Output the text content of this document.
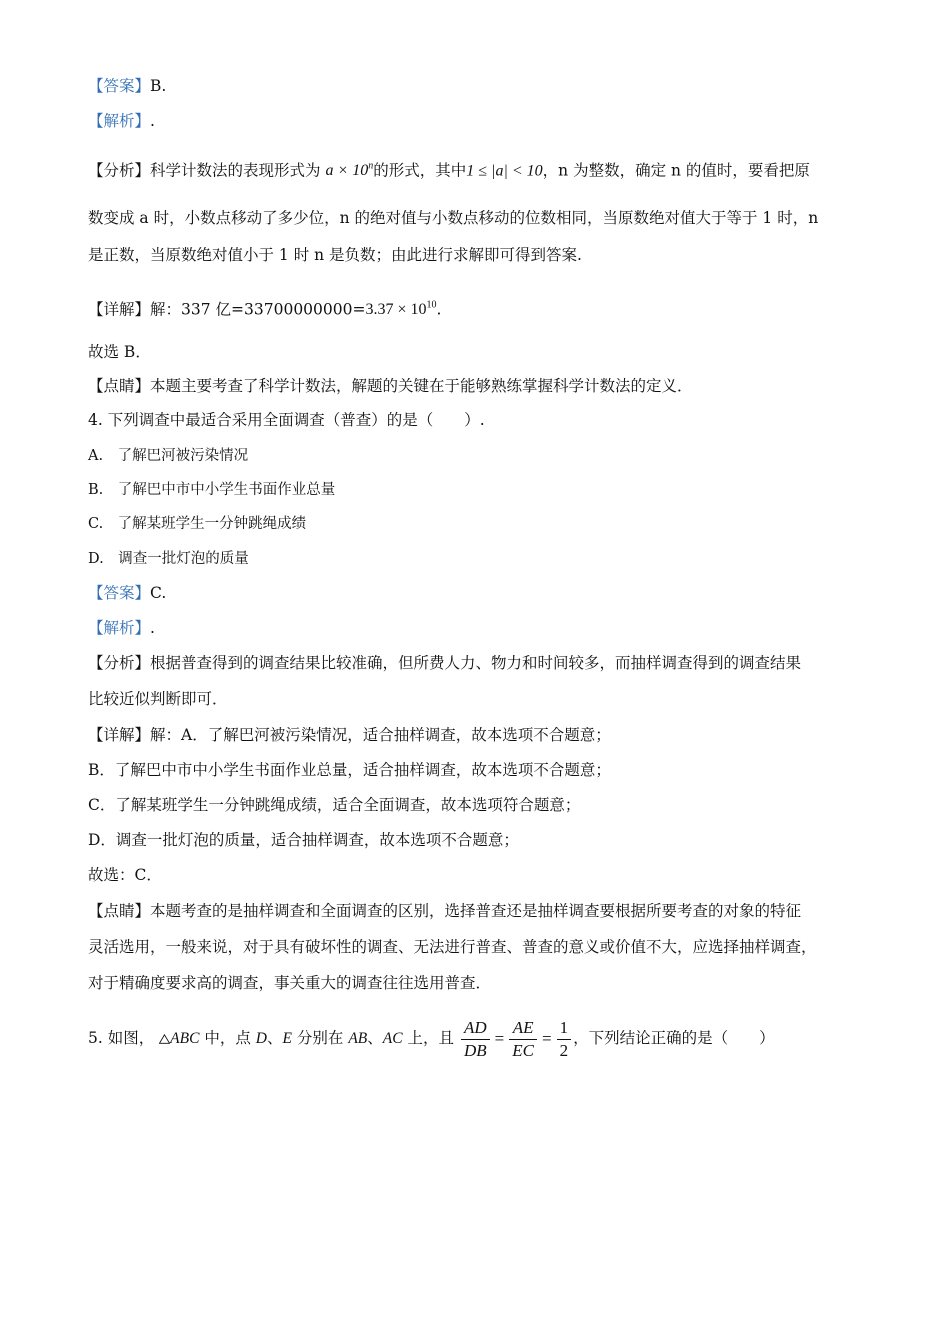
【答案】B.
【解析】.
【分析】科学计数法的表现形式为 $a \times 10^n$的形式，其中1 ≤ |a| < 10，n 为整数，确定 n 的值时，要看把原
数变成 a 时，小数点移动了多少位，n 的绝对值与小数点移动的位数相同，当原数绝对值大于等于 1 时，n
是正数，当原数绝对值小于 1 时 n 是负数；由此进行求解即可得到答案.
【详解】解：337 亿$=33700000000=3.37 \times 10^{10}$.
故选 B．
【点睛】本题主要考查了科学计数法，解题的关键在于能够熟练掌握科学计数法的定义．
4. 下列调查中最适合采用全面调查（普查）的是（　　）.
A.　了解巴河被污染情况
B.　了解巴中市中小学生书面作业总量
C.　了解某班学生一分钟跳绳成绩
D.　调查一批灯泡的质量
【答案】C.
【解析】.
【分析】根据普查得到的调查结果比较准确，但所费人力、物力和时间较多，而抽样调查得到的调查结果
比较近似判断即可．
【详解】解：A．了解巴河被污染情况，适合抽样调查，故本选项不合题意；
B．了解巴中市中小学生书面作业总量，适合抽样调查，故本选项不合题意；
C．了解某班学生一分钟跳绳成绩，适合全面调查，故本选项符合题意；
D．调查一批灯泡的质量，适合抽样调查，故本选项不合题意；
故选：C．
【点睛】本题考查的是抽样调查和全面调查的区别，选择普查还是抽样调查要根据所要考查的对象的特征
灵活选用，一般来说，对于具有破坏性的调查、无法进行普查、普查的意义或价值不大，应选择抽样调查，
对于精确度要求高的调查，事关重大的调查往往选用普查．
5. 如图， ABC 中，点 D、E 分别在 AB、AC 上，且 $\frac{AD}{DB} = \frac{AE}{EC} = \frac{1}{2}$ ，下列结论正确的是（　　）
